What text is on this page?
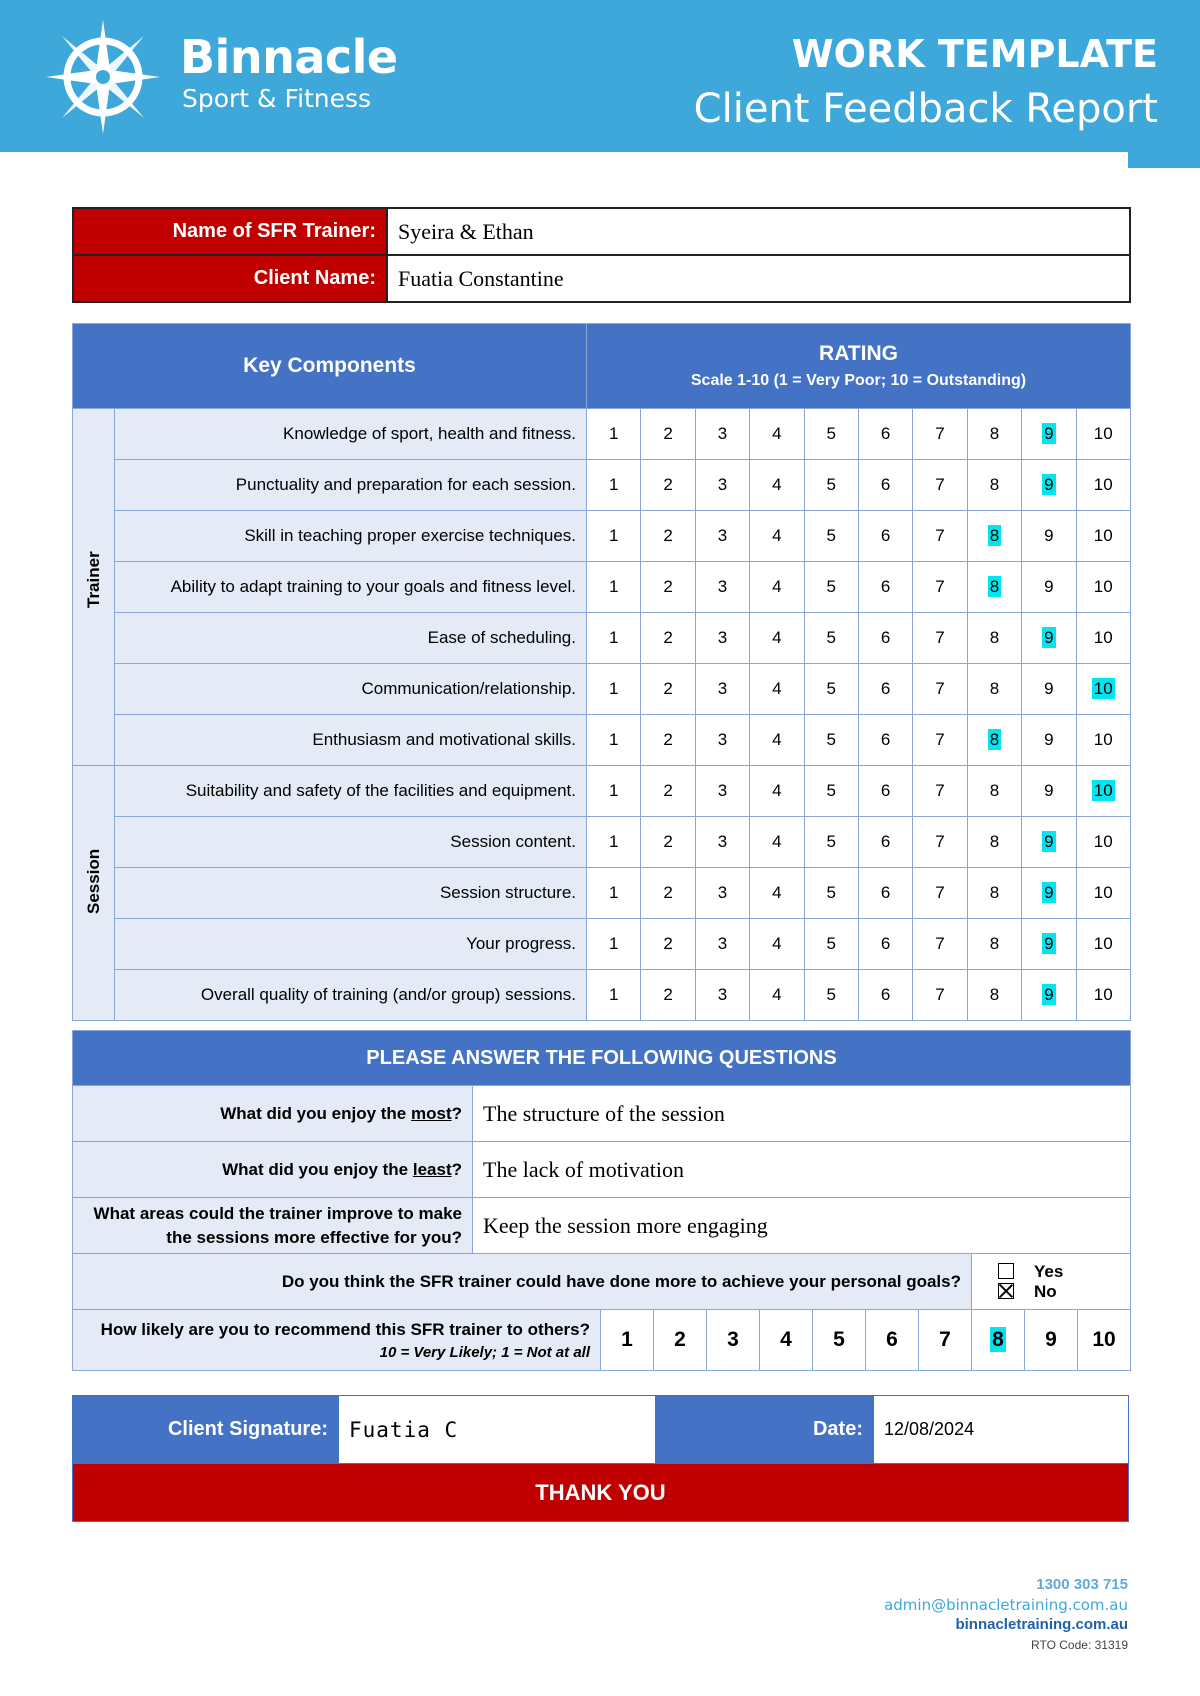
Binnacle
Sport & Fitness
WORK TEMPLATE
Client Feedback Report
Name of SFR Trainer:	Syeira & Ethan
Client Name:	Fuatia Constantine
Key Components		RATING
Scale 1-10 (1 = Very Poor; 10 = Outstanding)									

Trainer	Knowledge of sport, health and fitness.	1	2	3	4	5	6	7	8	9	10
	Punctuality and preparation for each session.	1	2	3	4	5	6	7	8	9	10
	Skill in teaching proper exercise techniques.	1	2	3	4	5	6	7	8	9	10
	Ability to adapt training to your goals and fitness level.	1	2	3	4	5	6	7	8	9	10
	Ease of scheduling.	1	2	3	4	5	6	7	8	9	10
	Communication/relationship.	1	2	3	4	5	6	7	8	9	10
	Enthusiasm and motivational skills.	1	2	3	4	5	6	7	8	9	10

Session	Suitability and safety of the facilities and equipment.	1	2	3	4	5	6	7	8	9	10
	Session content.	1	2	3	4	5	6	7	8	9	10
	Session structure.	1	2	3	4	5	6	7	8	9	10
	Your progress.	1	2	3	4	5	6	7	8	9	10
	Overall quality of training (and/or group) sessions.	1	2	3	4	5	6	7	8	9	10
PLEASE ANSWER THE FOLLOWING QUESTIONS											
What did you enjoy the most?	The structure of the session										
What did you enjoy the least?	The lack of motivation										
What areas could the trainer improve to make the sessions more effective for you?	Keep the session more engaging										
Do you think the SFR trainer could have done more to achieve your personal goals?									YesNo		

How likely are you to recommend this SFR trainer to others?
10 = Very Likely; 1 = Not at all		1	2	3	4	5	6	7	8	9	10
Client Signature:	Fuatia C	Date:	12/08/2024
THANK YOU
1300 303 715
admin@binnacletraining.com.au
binnacletraining.com.au
RTO Code: 31319
